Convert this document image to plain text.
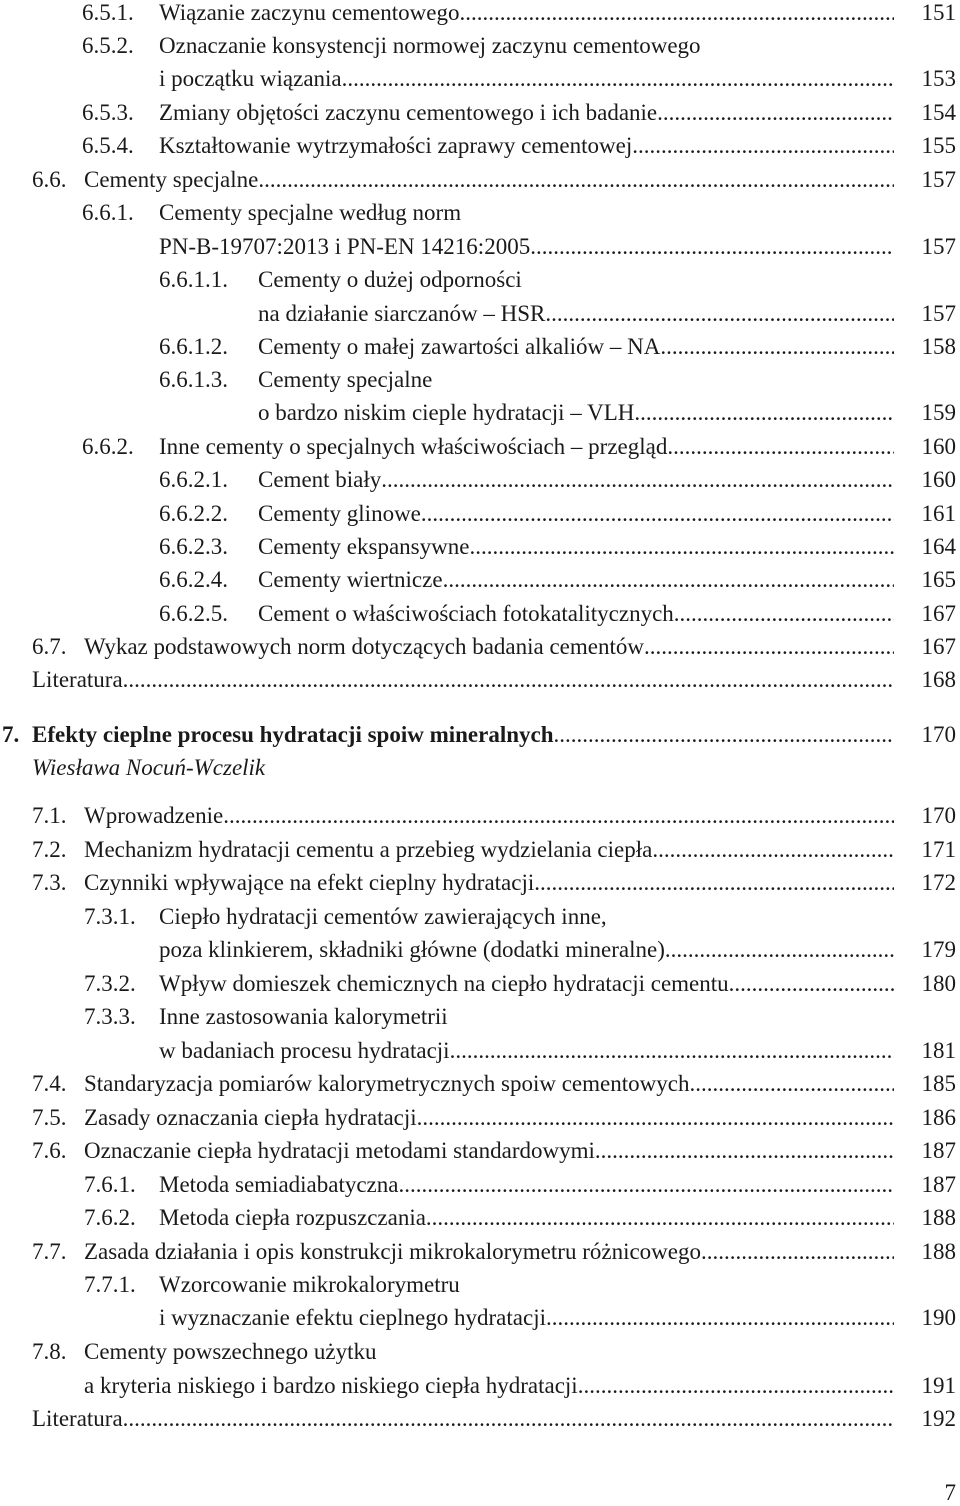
6.5.1. Wiązanie zaczynu cementowego .....	151
6.5.2. Oznaczanie konsystencji normowej zaczynu cementowego
i początku wiązania .....	153
6.5.3. Zmiany objętości zaczynu cementowego i ich badanie .....	154
6.5.4. Kształtowanie wytrzymałości zaprawy cementowej .....	155
6.6. Cementy specjalne .....	157
6.6.1. Cementy specjalne według norm
PN-B-19707:2013 i PN-EN 14216:2005 .....	157
6.6.1.1. Cementy o dużej odporności
na działanie siarczanów – HSR .....	157
6.6.1.2. Cementy o małej zawartości alkaliów – NA .....	158
6.6.1.3. Cementy specjalne
o bardzo niskim cieple hydratacji – VLH .....	159
6.6.2. Inne cementy o specjalnych właściwościach – przegląd .....	160
6.6.2.1. Cement biały .....	160
6.6.2.2. Cementy glinowe .....	161
6.6.2.3. Cementy ekspansywne .....	164
6.6.2.4. Cementy wiertnicze .....	165
6.6.2.5. Cement o właściwościach fotokatalitycznych .....	167
6.7. Wykaz podstawowych norm dotyczących badania cementów .....	167
Literatura .....	168
7. Efekty cieplne procesu hydratacji spoiw mineralnych .....	170
Wiesława Nocuń-Wczelik
7.1. Wprowadzenie .....	170
7.2. Mechanizm hydratacji cementu a przebieg wydzielania ciepła .....	171
7.3. Czynniki wpływające na efekt cieplny hydratacji .....	172
7.3.1. Ciepło hydratacji cementów zawierających inne,
poza klinkierem, składniki główne (dodatki mineralne) .....	179
7.3.2. Wpływ domieszek chemicznych na ciepło hydratacji cementu .....	180
7.3.3. Inne zastosowania kalorymetrii
w badaniach procesu hydratacji .....	181
7.4. Standaryzacja pomiarów kalorymetrycznych spoiw cementowych .....	185
7.5. Zasady oznaczania ciepła hydratacji .....	186
7.6. Oznaczanie ciepła hydratacji metodami standardowymi .....	187
7.6.1. Metoda semiadiabatyczna .....	187
7.6.2. Metoda ciepła rozpuszczania .....	188
7.7. Zasada działania i opis konstrukcji mikrokalorymetru różnicowego .....	188
7.7.1. Wzorcowanie mikrokalorymetru
i wyznaczanie efektu cieplnego hydratacji .....	190
7.8. Cementy powszechnego użytku
a kryteria niskiego i bardzo niskiego ciepła hydratacji .....	191
Literatura .....	192
7
